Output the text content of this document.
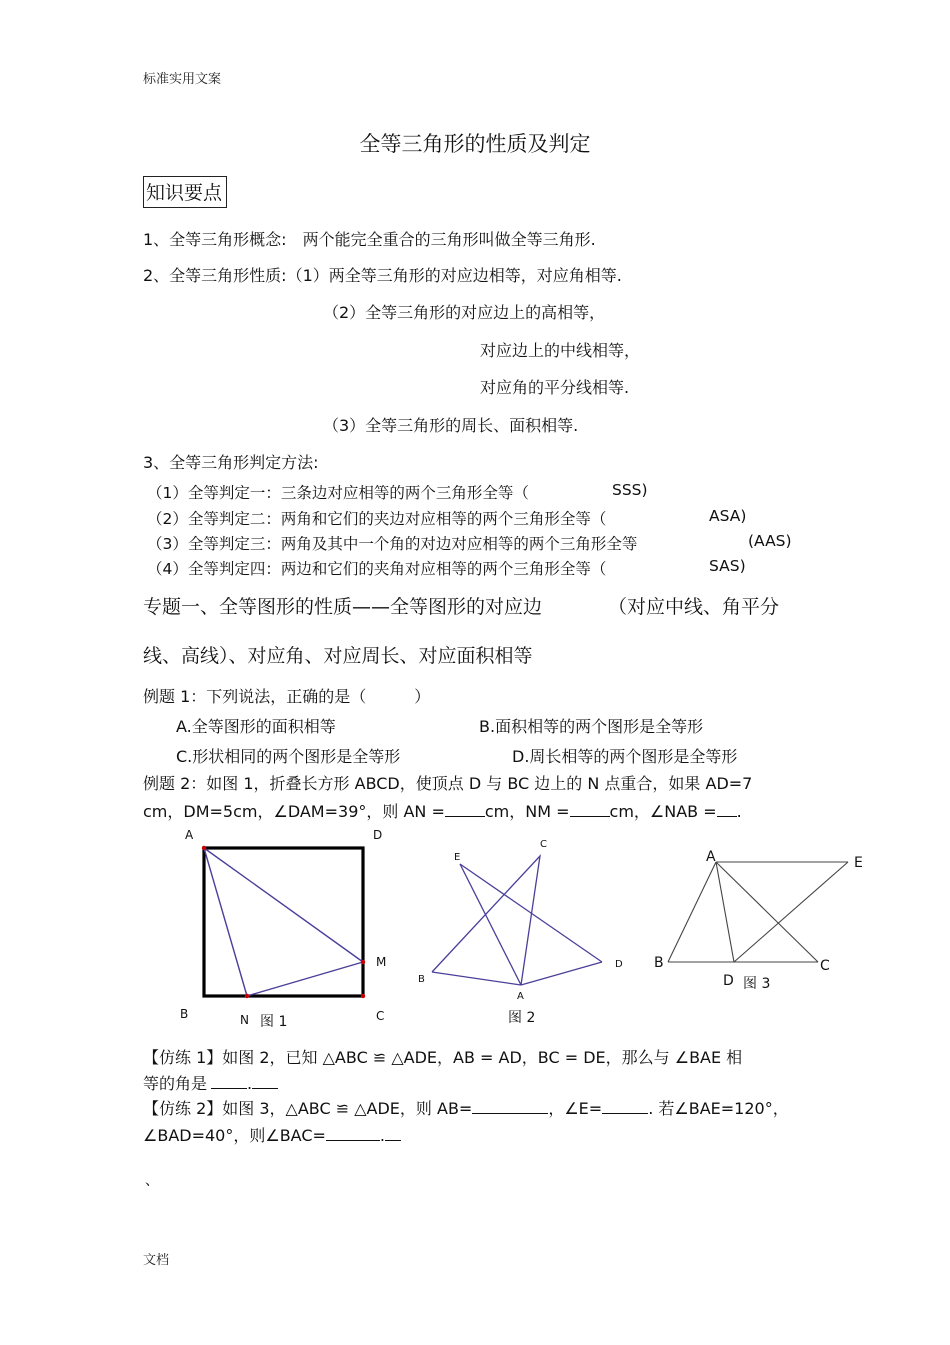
标准实用文案
文档
全等三角形的性质及判定
知识要点
1、全等三角形概念:　两个能完全重合的三角形叫做全等三角形.
2、全等三角形性质:（1）两全等三角形的对应边相等，对应角相等.
（2）全等三角形的对应边上的高相等，
对应边上的中线相等，
对应角的平分线相等.
（3）全等三角形的周长、面积相等.
3、全等三角形判定方法:
（1）全等判定一：三条边对应相等的两个三角形全等（	SSS)
（2）全等判定二：两角和它们的夹边对应相等的两个三角形全等（	ASA)
（3）全等判定三：两角及其中一个角的对边对应相等的两个三角形全等	(AAS)
（4）全等判定四：两边和它们的夹角对应相等的两个三角形全等（	SAS)
专题一、全等图形的性质——全等图形的对应边	（对应中线、角平分
线、高线）、对应角、对应周长、对应面积相等
例题 1：下列说法，正确的是（　　　）
A.全等图形的面积相等	B.面积相等的两个图形是全等形
C.形状相同的两个图形是全等形	D.周长相等的两个图形是全等形
例题 2：如图 1，折叠长方形 ABCD，使顶点 D 与 BC 边上的 N 点重合，如果 AD=7
cm，DM=5cm，∠DAM=39°，则 AN =	cm，NM =	cm，∠NAB = .
A	D
M
B	C
N 图 1
E
C
B
D
A
图 2
A	E
B	C
D 图 3
【仿练 1】如图 2，已知 △ABC ≌ △ADE，AB = AD，BC = DE，那么与 ∠BAE 相
等的角是	.
【仿练 2】如图 3，△ABC ≌ △ADE，则 AB=	，∠E=	. 若∠BAE=120°，
∠BAD=40°，则∠BAC=	.
、
